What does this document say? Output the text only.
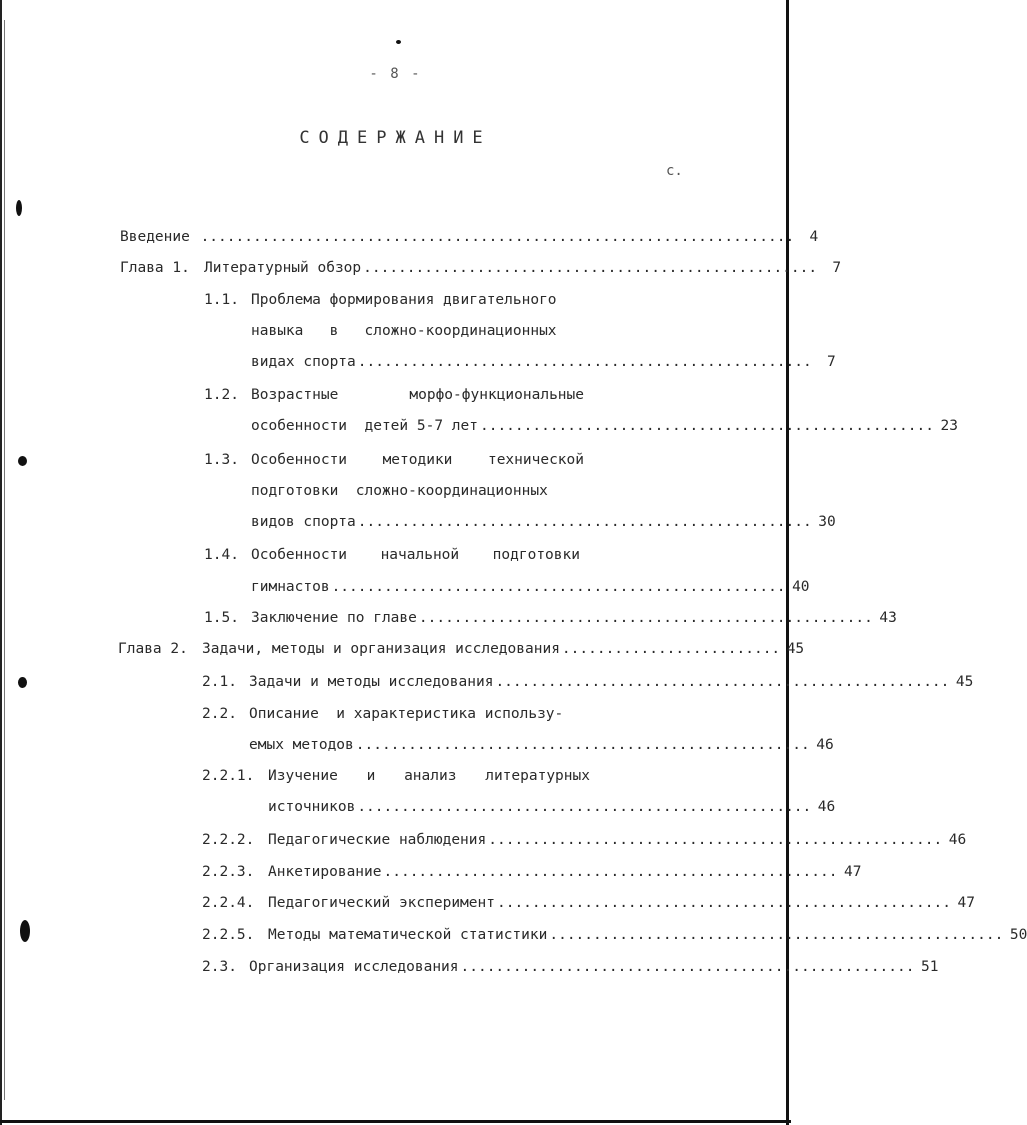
- 8 -
СОДЕРЖАНИЕ
с.
Введение ....................................................................	4
Глава 1. Литературный обзор ....................................................	7
1.1. Проблема формирования двигательного
навыка   в   сложно-координационных
видах спорта ....................................................	7
1.2. Возрастные	морфо-функциональные
особенности  детей 5-7 лет .................................................... 23
1.3. Особенности методики технической
подготовки  сложно-координационных
видов спорта .................................................... 30
1.4. Особенности начальной подготовки
гимнастов .................................................... 40
1.5. Заключение по главе .................................................... 43
Глава 2. Задачи, методы и организация исследования ......................... 45
2.1. Задачи и методы исследования .................................................... 45
2.2. Описание  и характеристика использу-
емых методов .................................................... 46
2.2.1. Изучение и анализ литературных
источников .................................................... 46
2.2.2. Педагогические наблюдения .................................................... 46
2.2.3. Анкетирование .................................................... 47
2.2.4. Педагогический эксперимент .................................................... 47
2.2.5. Методы математической статистики .................................................... 50
2.3. Организация исследования .................................................... 51
